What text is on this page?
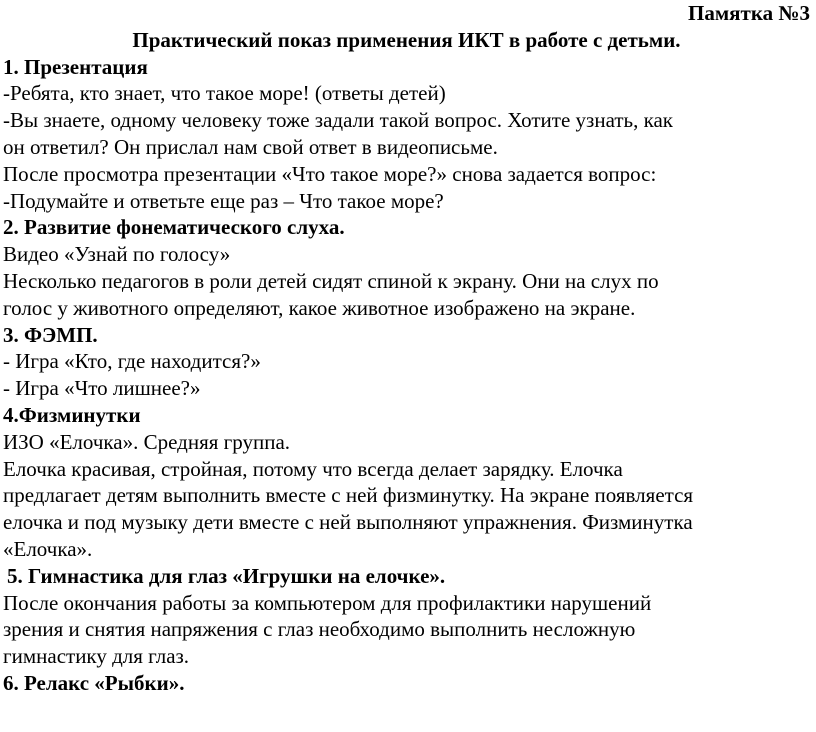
Памятка №3
Практический показ применения ИКТ в работе с детьми.
1. Презентация
-Ребята, кто знает, что такое море! (ответы детей)
-Вы знаете, одному человеку тоже задали такой вопрос. Хотите узнать, как
он ответил? Он прислал нам свой ответ в видеописьме.
После просмотра презентации «Что такое море?» снова задается вопрос:
-Подумайте и ответьте еще раз – Что такое море?
2. Развитие фонематического слуха.
Видео «Узнай по голосу»
Несколько педагогов в роли детей сидят спиной к экрану. Они на слух по
голос у животного определяют, какое животное изображено на экране.
3. ФЭМП.
- Игра «Кто, где находится?»
- Игра «Что лишнее?»
4.Физминутки
ИЗО «Елочка». Средняя группа.
Елочка красивая, стройная, потому что всегда делает зарядку. Елочка
предлагает детям выполнить вместе с ней физминутку. На экране появляется
елочка и под музыку дети вместе с ней выполняют упражнения. Физминутка
«Елочка».
5. Гимнастика для глаз «Игрушки на елочке».
После окончания работы за компьютером для профилактики нарушений
зрения и снятия напряжения с глаз необходимо выполнить несложную
гимнастику для глаз.
6. Релакс «Рыбки».
